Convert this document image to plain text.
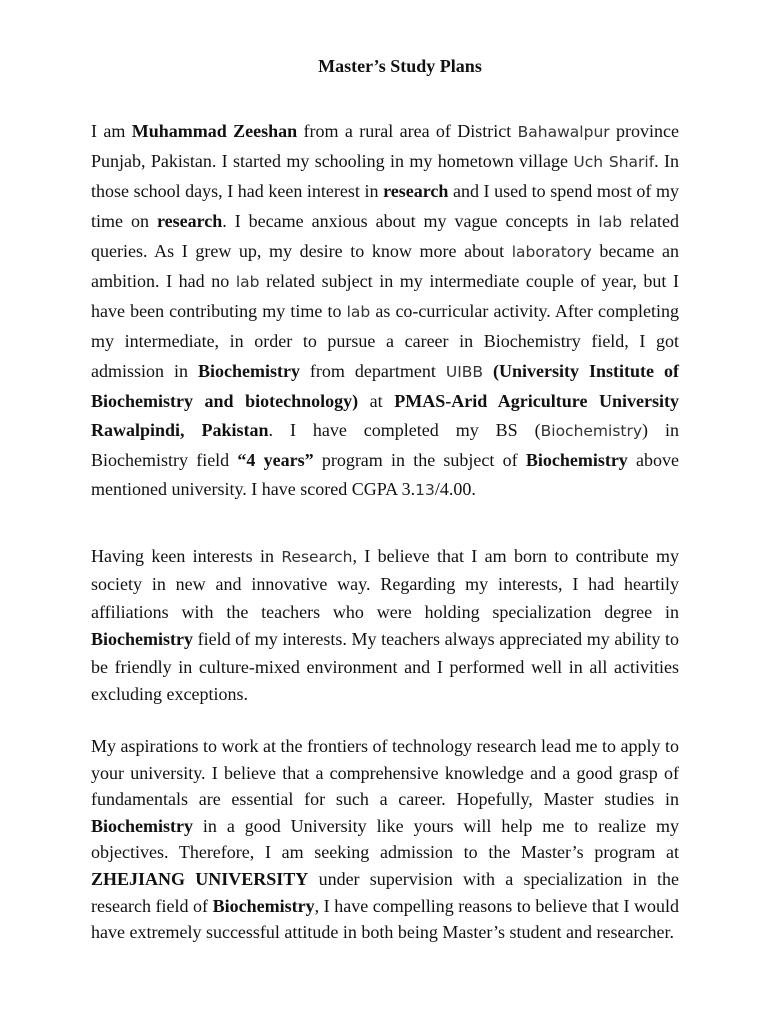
Master’s Study Plans

I am Muhammad Zeeshan from a rural area of District Bahawalpur province Punjab, Pakistan. I started my schooling in my hometown village Uch Sharif. In those school days, I had keen interest in research and I used to spend most of my time on research. I became anxious about my vague concepts in lab related queries. As I grew up, my desire to know more about laboratory became an ambition. I had no lab related subject in my intermediate couple of year, but I have been contributing my time to lab as co-curricular activity. After completing my intermediate, in order to pursue a career in Biochemistry field, I got admission in Biochemistry from department UIBB (University Institute of Biochemistry and biotechnology) at PMAS-Arid Agriculture University Rawalpindi, Pakistan. I have completed my BS (Biochemistry) in Biochemistry field “4 years” program in the subject of Biochemistry above mentioned university. I have scored CGPA 3.13/4.00.

Having keen interests in Research, I believe that I am born to contribute my society in new and innovative way. Regarding my interests, I had heartily affiliations with the teachers who were holding specialization degree in Biochemistry field of my interests. My teachers always appreciated my ability to be friendly in culture-mixed environment and I performed well in all activities excluding exceptions.

My aspirations to work at the frontiers of technology research lead me to apply to your university. I believe that a comprehensive knowledge and a good grasp of fundamentals are essential for such a career. Hopefully, Master studies in Biochemistry in a good University like yours will help me to realize my objectives. Therefore, I am seeking admission to the Master’s program at ZHEJIANG UNIVERSITY under supervision with a specialization in the research field of Biochemistry, I have compelling reasons to believe that I would have extremely successful attitude in both being Master’s student and researcher.
